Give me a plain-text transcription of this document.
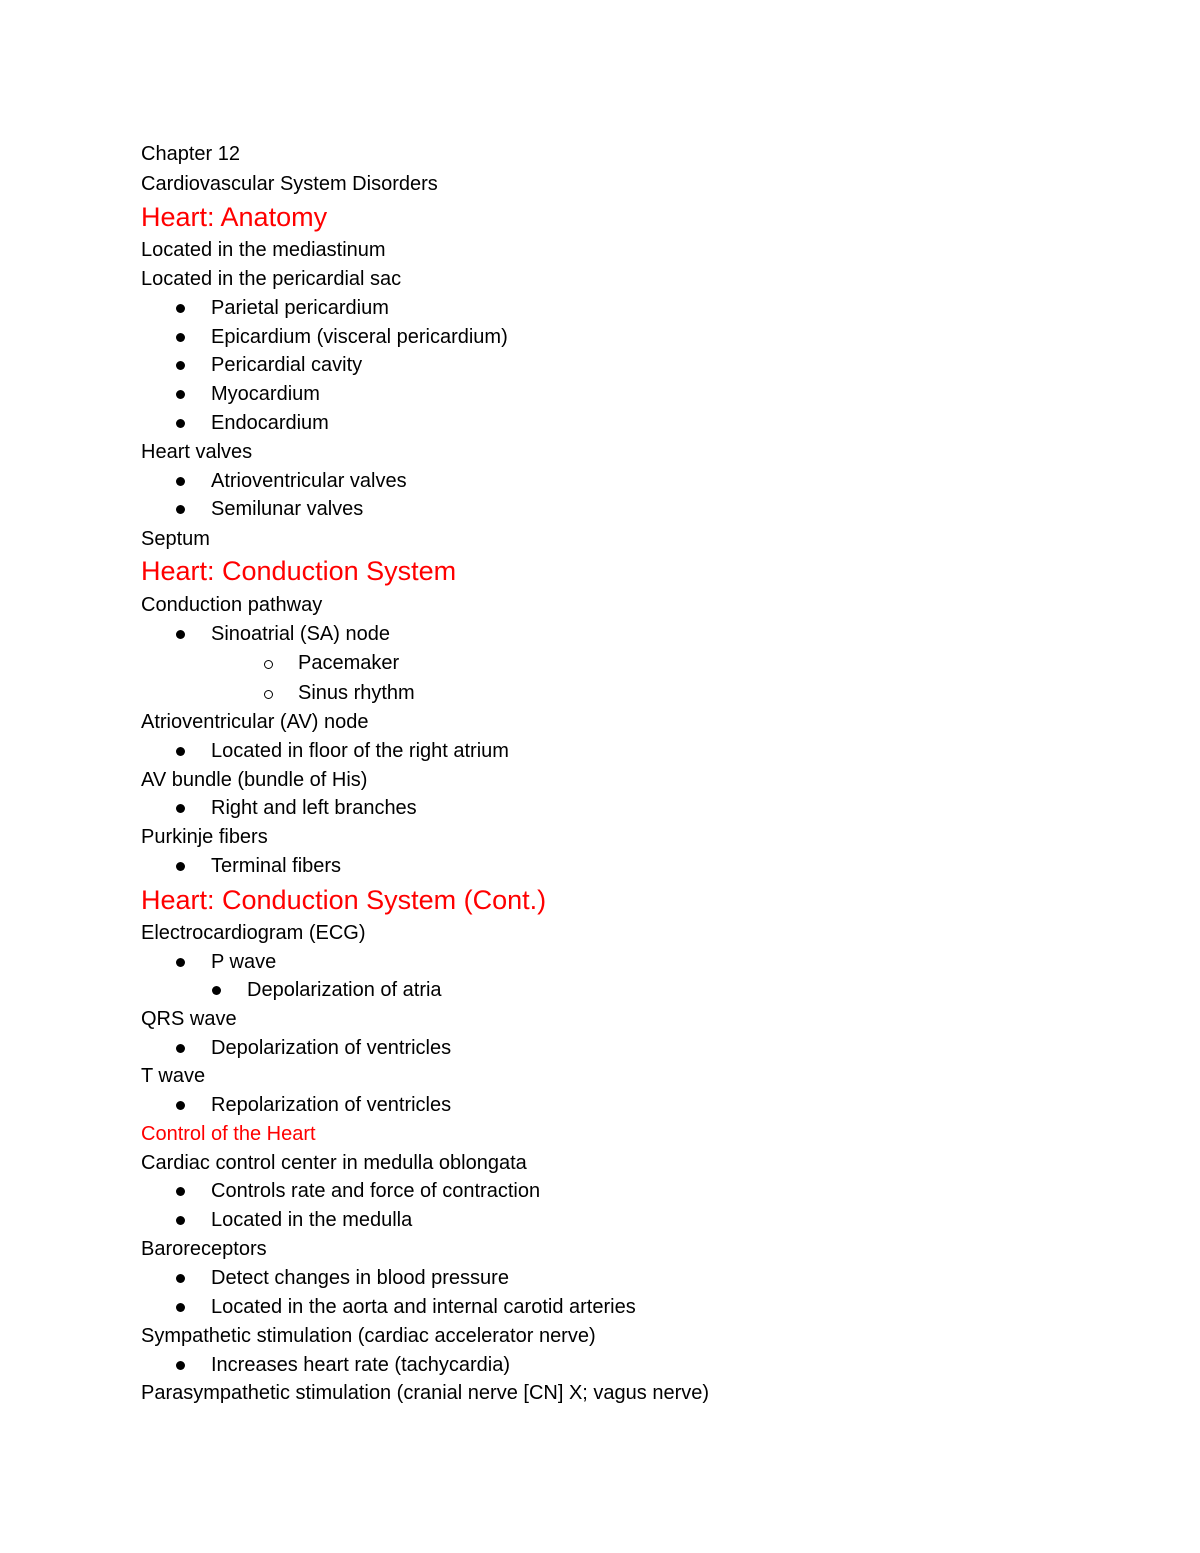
Chapter 12
Cardiovascular System Disorders
Heart: Anatomy
Located in the mediastinum
Located in the pericardial sac
Parietal pericardium
Epicardium (visceral pericardium)
Pericardial cavity
Myocardium
Endocardium
Heart valves
Atrioventricular valves
Semilunar valves
Septum
Heart: Conduction System
Conduction pathway
Sinoatrial (SA) node
Pacemaker
Sinus rhythm
Atrioventricular (AV) node
Located in floor of the right atrium
AV bundle (bundle of His)
Right and left branches
Purkinje fibers
Terminal fibers
Heart: Conduction System (Cont.)
Electrocardiogram (ECG)
P wave
Depolarization of atria
QRS wave
Depolarization of ventricles
T wave
Repolarization of ventricles
Control of the Heart
Cardiac control center in medulla oblongata
Controls rate and force of contraction
Located in the medulla
Baroreceptors
Detect changes in blood pressure
Located in the aorta and internal carotid arteries
Sympathetic stimulation (cardiac accelerator nerve)
Increases heart rate (tachycardia)
Parasympathetic stimulation (cranial nerve [CN] X; vagus nerve)
